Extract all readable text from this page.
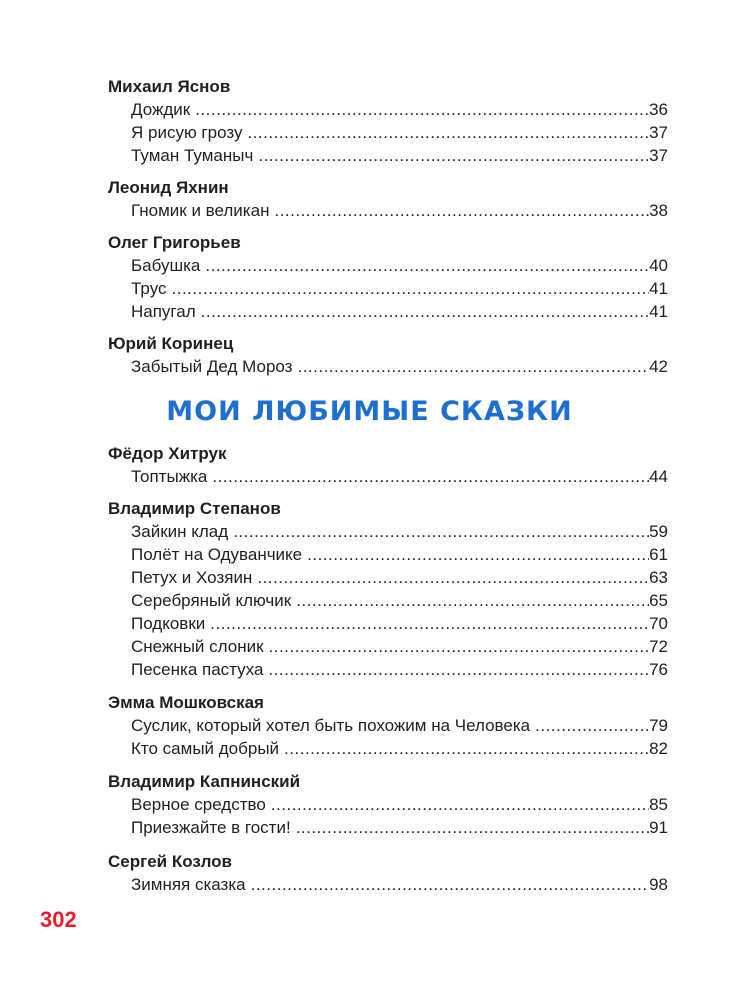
Михаил Яснов
Дождик .....	36
Я рисую грозу .....	37
Туман Туманыч .....	37
Леонид Яхнин
Гномик и великан .....	38
Олег Григорьев
Бабушка .....	40
Трус .....	41
Напугал .....	41
Юрий Коринец
Забытый Дед Мороз .....	42
МОИ ЛЮБИМЫЕ СКАЗКИ
Фёдор Хитрук
Топтыжка .....	44
Владимир Степанов
Зайкин клад .....	59
Полёт на Одуванчике .....	61
Петух и Хозяин .....	63
Серебряный ключик .....	65
Подковки .....	70
Снежный слоник .....	72
Песенка пастуха .....	76
Эмма Мошковская
Суслик, который хотел быть похожим на Человека .....	79
Кто самый добрый .....	82
Владимир Капнинский
Верное средство .....	85
Приезжайте в гости! .....	91
Сергей Козлов
Зимняя сказка .....	98
302
